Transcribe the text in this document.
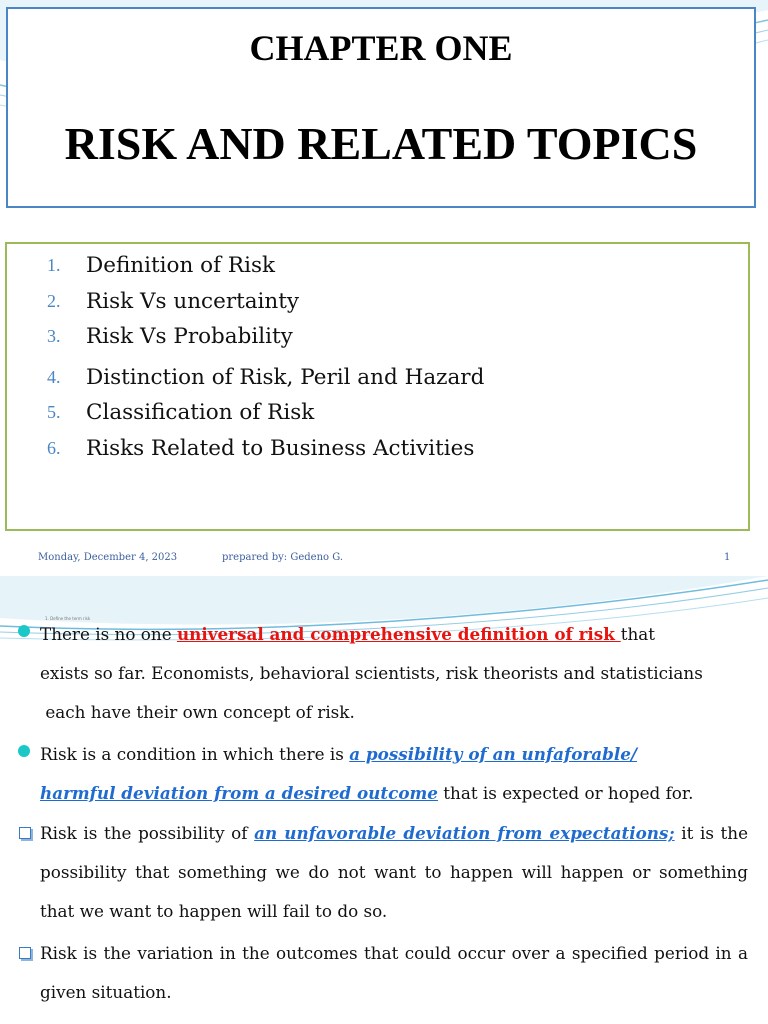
CHAPTER ONE
RISK AND RELATED TOPICS
1.	Definition of Risk
2.	Risk Vs uncertainty
3.	Risk Vs Probability
4.	Distinction of Risk, Peril and Hazard
5.	Classification of Risk
6.	Risks Related to Business Activities
Monday, December 4, 2023	prepared by: Gedeno G.	1
1. Define the term risk
There is no one universal and comprehensive definition of risk that
exists so far. Economists, behavioral scientists, risk theorists and statisticians
each have their own concept of risk.
Risk is a condition in which there is a possibility of an unfaforable/
harmful deviation from a desired outcome that is expected or hoped for.
Risk is the possibility of an unfavorable deviation from expectations; it is the possibility that something we do not want to happen will happen or something that we want to happen will fail to do so.
Risk is the variation in the outcomes that could occur over a specified period in a given situation.
